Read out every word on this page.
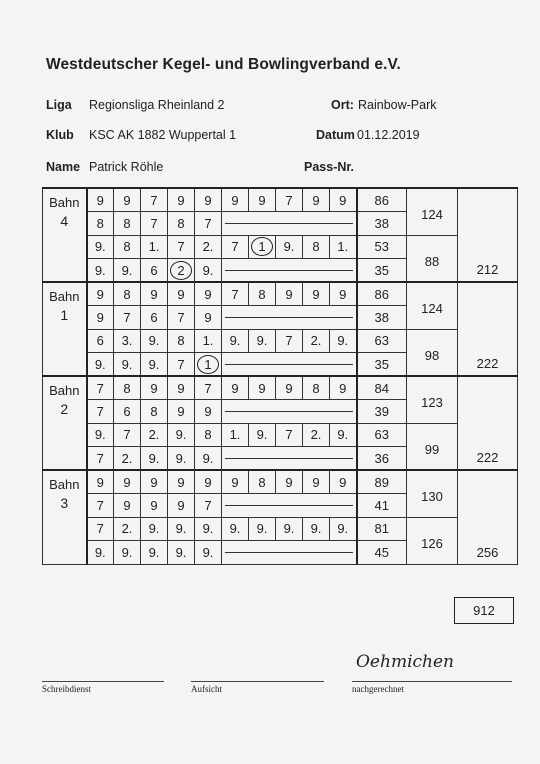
Westdeutscher Kegel- und Bowlingverband e.V.
Liga Regionsliga Rheinland 2	Ort: Rainbow-Park
Klub KSC AK 1882 Wuppertal 1	Datum 01.12.2019
Name Patrick Röhle	Pass-Nr.
Bahn
4	9	9	7	9	9	9	9	7	9	9	86	124	212

	8	8	7	8	7						38		
	9.	8	1.	7	2.	7	1	9.	8	1.	53	88	

	9.	9.	6	2	9.						35		

Bahn
1	9	8	9	9	9	7	8	9	9	9	86	124	222

	9	7	6	7	9						38		
	6	3.	9.	8	1.	9.	9.	7	2.	9.	63	98	

	9.	9.	9.	7	1						35		

Bahn
2	7	8	9	9	7	9	9	9	8	9	84	123	222

	7	6	8	9	9						39		
	9.	7	2.	9.	8	1.	9.	7	2.	9.	63	99	

	7	2.	9.	9.	9.						36		

Bahn
3	9	9	9	9	9	9	8	9	9	9	89	130	256

	7	9	9	9	7						41		
	7	2.	9.	9.	9.	9.	9.	9.	9.	9.	81	126	

	9.	9.	9.	9.	9.						45		
912
Oehmichen
Schreibdienst	Aufsicht	nachgerechnet
